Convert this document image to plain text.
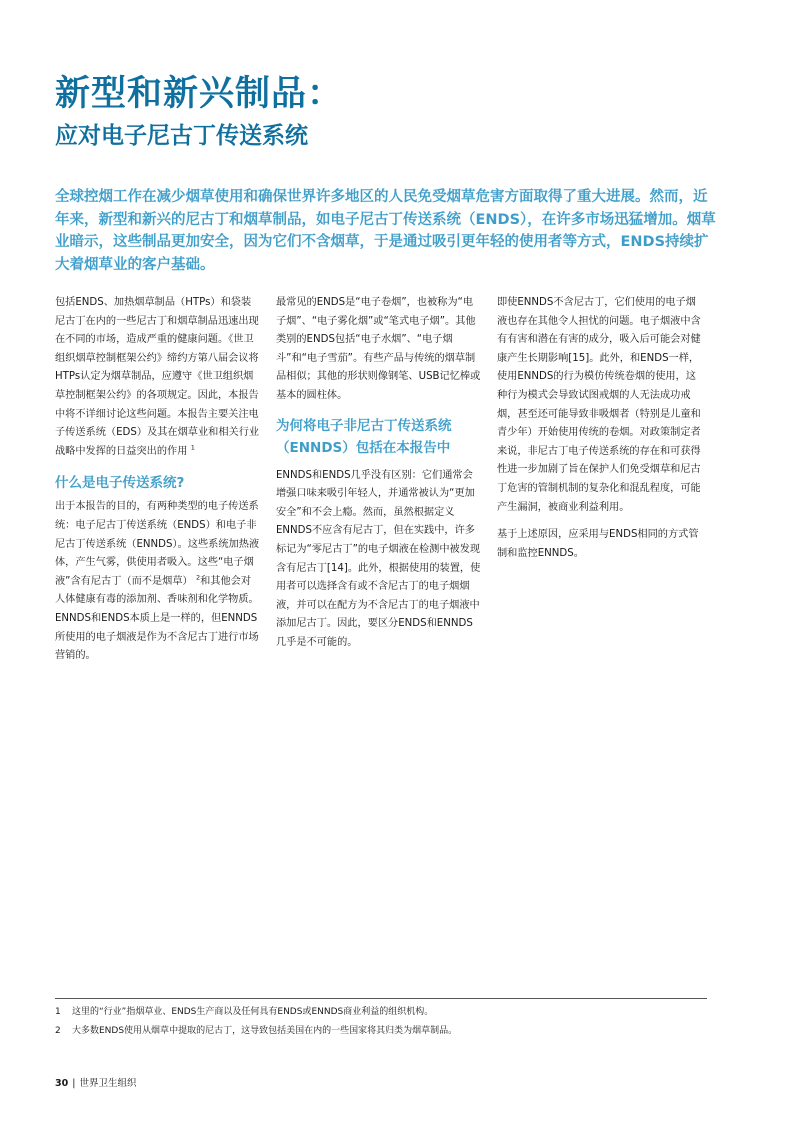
新型和新兴制品：
应对电子尼古丁传送系统
全球控烟工作在减少烟草使用和确保世界许多地区的人民免受烟草危害方面取得了重大进展。然而，近年来，新型和新兴的尼古丁和烟草制品，如电子尼古丁传送系统（ENDS），在许多市场迅猛增加。烟草业暗示，这些制品更加安全，因为它们不含烟草，于是通过吸引更年轻的使用者等方式，ENDS持续扩大着烟草业的客户基础。

包括ENDS、加热烟草制品（HTPs）和袋装尼古丁在内的一些尼古丁和烟草制品迅速出现在不同的市场，造成严重的健康问题。《世卫组织烟草控制框架公约》缔约方第八届会议将HTPs认定为烟草制品，应遵守《世卫组织烟草控制框架公约》的各项规定。因此，本报告中将不详细讨论这些问题。本报告主要关注电子传送系统（EDS）及其在烟草业和相关行业战略中发挥的日益突出的作用 $^1$

什么是电子传送系统?

出于本报告的目的，有两种类型的电子传送系统：电子尼古丁传送系统（ENDS）和电子非尼古丁传送系统（ENNDS）。这些系统加热液体，产生气雾，供使用者吸入。这些“电子烟液”含有尼古丁（而不是烟草） $^2$和其他会对人体健康有毒的添加剂、香味剂和化学物质。ENNDS和ENDS本质上是一样的，但ENNDS所使用的电子烟液是作为不含尼古丁进行市场营销的。

最常见的ENDS是“电子卷烟”，也被称为“电子烟”、“电子雾化烟”或“笔式电子烟”。其他类别的ENDS包括“电子水烟”、“电子烟斗”和“电子雪茄”。有些产品与传统的烟草制品相似；其他的形状则像钢笔、USB记忆棒或基本的圆柱体。

为何将电子非尼古丁传送系统（ENNDS）包括在本报告中

ENNDS和ENDS几乎没有区别：它们通常会增强口味来吸引年轻人，并通常被认为“更加安全”和不会上瘾。然而，虽然根据定义ENNDS不应含有尼古丁，但在实践中，许多标记为“零尼古丁”的电子烟液在检测中被发现含有尼古丁[14]。此外，根据使用的装置，使用者可以选择含有或不含尼古丁的电子烟烟液，并可以在配方为不含尼古丁的电子烟液中添加尼古丁。因此，要区分ENDS和ENNDS几乎是不可能的。

即使ENNDS不含尼古丁，它们使用的电子烟液也存在其他令人担忧的问题。电子烟液中含有有害和潜在有害的成分，吸入后可能会对健康产生长期影响[15]。此外，和ENDS一样，使用ENNDS的行为模仿传统卷烟的使用，这种行为模式会导致试图戒烟的人无法成功戒烟，甚至还可能导致非吸烟者（特别是儿童和青少年）开始使用传统的卷烟。对政策制定者来说，非尼古丁电子传送系统的存在和可获得性进一步加剧了旨在保护人们免受烟草和尼古丁危害的管制机制的复杂化和混乱程度，可能产生漏洞，被商业利益利用。

基于上述原因，应采用与ENDS相同的方式管制和监控ENNDS。

1	这里的“行业”指烟草业、ENDS生产商以及任何具有ENDS或ENNDS商业利益的组织机构。
2	大多数ENDS使用从烟草中提取的尼古丁，这导致包括美国在内的一些国家将其归类为烟草制品。
30 | 世界卫生组织
